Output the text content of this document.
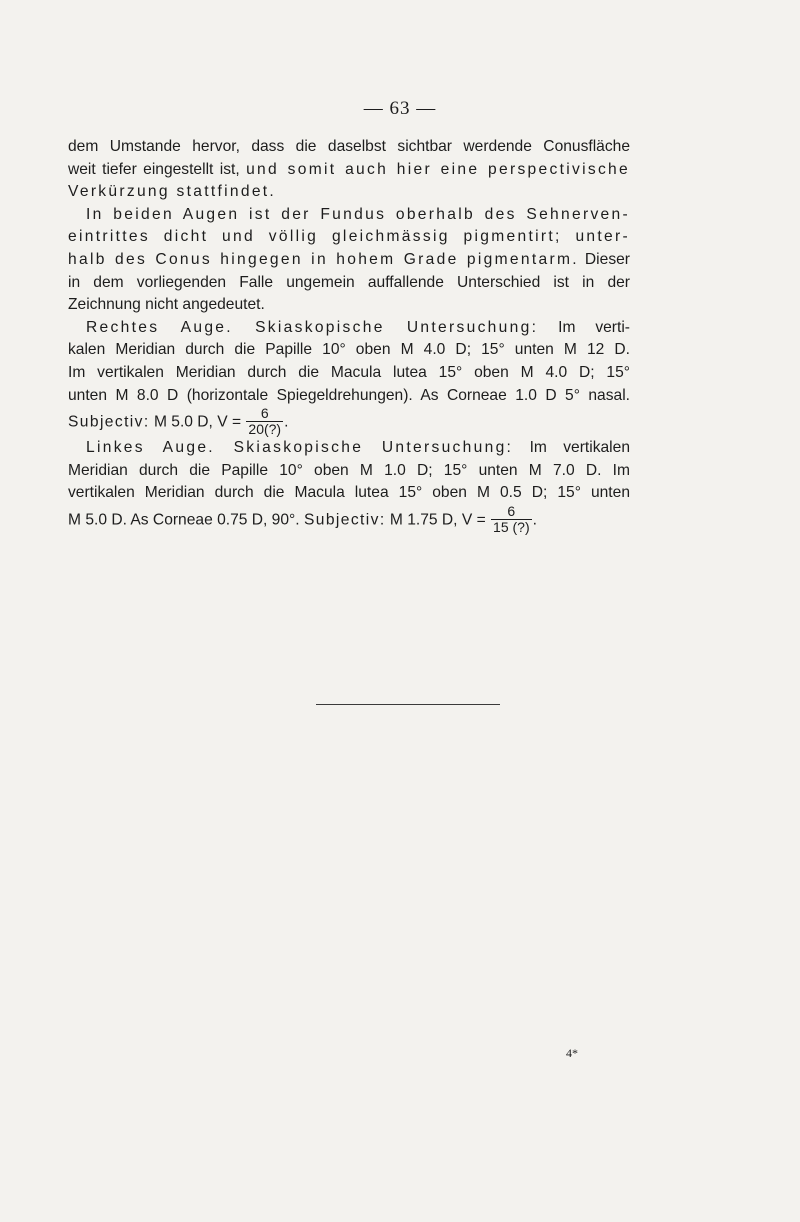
— 63 —
dem Umstande hervor, dass die daselbst sichtbar werdende Conusfläche
weit tiefer eingestellt ist, und somit auch hier eine perspectivische
Verkürzung stattfindet.
In beiden Augen ist der Fundus oberhalb des Sehnerven-
eintrittes dicht und völlig gleichmässig pigmentirt; unter-
halb des Conus hingegen in hohem Grade pigmentarm. Dieser
in dem vorliegenden Falle ungemein auffallende Unterschied ist in der
Zeichnung nicht angedeutet.
Rechtes Auge. Skiaskopische Untersuchung: Im verti-
kalen Meridian durch die Papille 10° oben M 4.0 D; 15° unten M 12 D.
Im vertikalen Meridian durch die Macula lutea 15° oben M 4.0 D; 15°
unten M 8.0 D (horizontale Spiegeldrehungen). As Corneae 1.0 D 5° nasal.
Subjectiv: M 5.0 D, $V = \frac{6}{20(?)}$ .
Linkes Auge. Skiaskopische Untersuchung: Im vertikalen
Meridian durch die Papille 10° oben M 1.0 D; 15° unten M 7.0 D. Im
vertikalen Meridian durch die Macula lutea 15° oben M 0.5 D; 15° unten
M 5.0 D. As Corneae 0.75 D, 90°. Subjectiv: M 1.75 D, $V = \frac{6}{15 (?)}$ .
4*
